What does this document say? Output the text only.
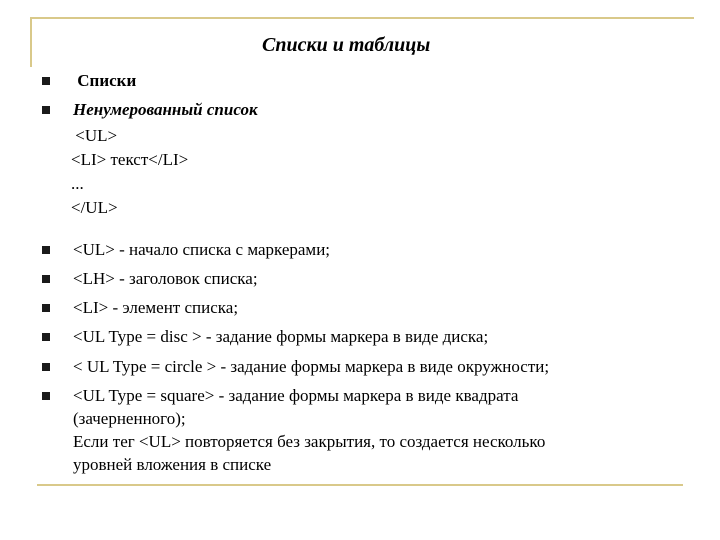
Списки и таблицы
Списки
Ненумерованный список
<UL>
<LI> текст</LI>
...
</UL>
<UL> - начало списка с маркерами;
<LH> - заголовок списка;
<LI> - элемент списка;
<UL Type = disc > - задание формы маркера в виде диска;
< UL Type = circle > - задание формы маркера в виде окружности;
<UL Type = square> - задание формы маркера в виде квадрата
(зачерненного);
Если тег <UL> повторяется без закрытия, то создается несколько
уровней вложения в списке
